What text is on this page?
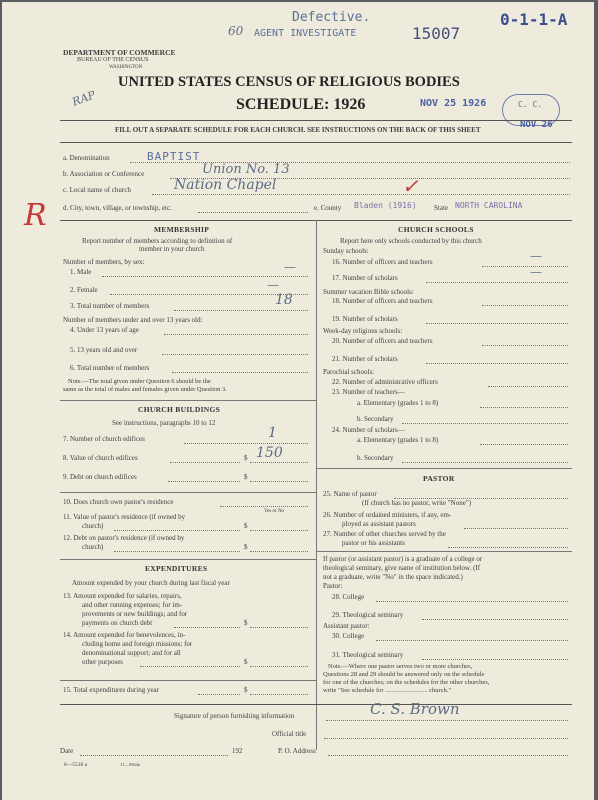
Defective.
AGENT INVESTIGATE	15007
0-1-1-A
60
RAP	NOV 25 1926	C. C.
NOV 26
DEPARTMENT OF COMMERCE
BUREAU OF THE CENSUS
WASHINGTON
UNITED STATES CENSUS OF RELIGIOUS BODIES
SCHEDULE: 1926
FILL OUT A SEPARATE SCHEDULE FOR EACH CHURCH. SEE INSTRUCTIONS ON THE BACK OF THIS SHEET
a. Denomination	BAPTIST
b. Association or Conference	Union No. 13
c. Local name of church	Nation Chapel
d. City, town, village, or township, etc.	e. County Bladen (1916) State NORTH CAROLINA
✓
R	MEMBERSHIP
Report number of members according to definition of
member in your church
Number of members, by sex:
1. Male	—
2. Female	—
3. Total number of members	18
Number of members under and over 13 years old:
4. Under 13 years of age
5. 13 years old and over
6. Total number of members
Note.—The total given under Question 6 should be the
same as the total of males and females given under Question 3.
CHURCH BUILDINGS
See instructions, paragraphs 10 to 12
7. Number of church edifices	1
8. Value of church edifices	$ 150
9. Debt on church edifices	$
10. Does church own pastor's residence
Yes or No
11. Value of pastor's residence (if owned by
church)	$
12. Debt on pastor's residence (if owned by
church)	$
EXPENDITURES
Amount expended by your church during last fiscal year
13. Amount expended for salaries, repairs,
and other running expenses; for im-
provements or new buildings; and for
payments on church debt	$
14. Amount expended for benevolences, in-
cluding home and foreign missions; for
denominational support; and for all
other purposes	$
15. Total expenditures during year	$
CHURCH SCHOOLS
Report here only schools conducted by this church
Sunday schools:
16. Number of officers and teachers	—
17. Number of scholars	—
Summer vacation Bible schools:
18. Number of officers and teachers
19. Number of scholars
Week-day religious schools:
20. Number of officers and teachers
21. Number of scholars
Parochial schools:
22. Number of administrative officers
23. Number of teachers—
a. Elementary (grades 1 to 8)
b. Secondary
24. Number of scholars—
a. Elementary (grades 1 to 8)
b. Secondary
PASTOR
25. Name of pastor
(If church has no pastor, write "None")
26. Number of ordained ministers, if any, em-
ployed as assistant pastors
27. Number of other churches served by the
pastor or his assistants
If pastor (or assistant pastor) is a graduate of a college or
theological seminary, give name of institution below. (If
not a graduate, write "No" in the space indicated.)
Pastor:
28. College
29. Theological seminary
Assistant pastor:
30. College
31. Theological seminary
Note.—Where one pastor serves two or more churches,
Questions 28 and 29 should be answered only on the schedule
for one of the churches; on the schedules for the other churches,
write "See schedule for .......................... church."
Signature of person furnishing information	C. S. Brown
Official title
Date	192	P. O. Address
8—5518 a	11—9564a
